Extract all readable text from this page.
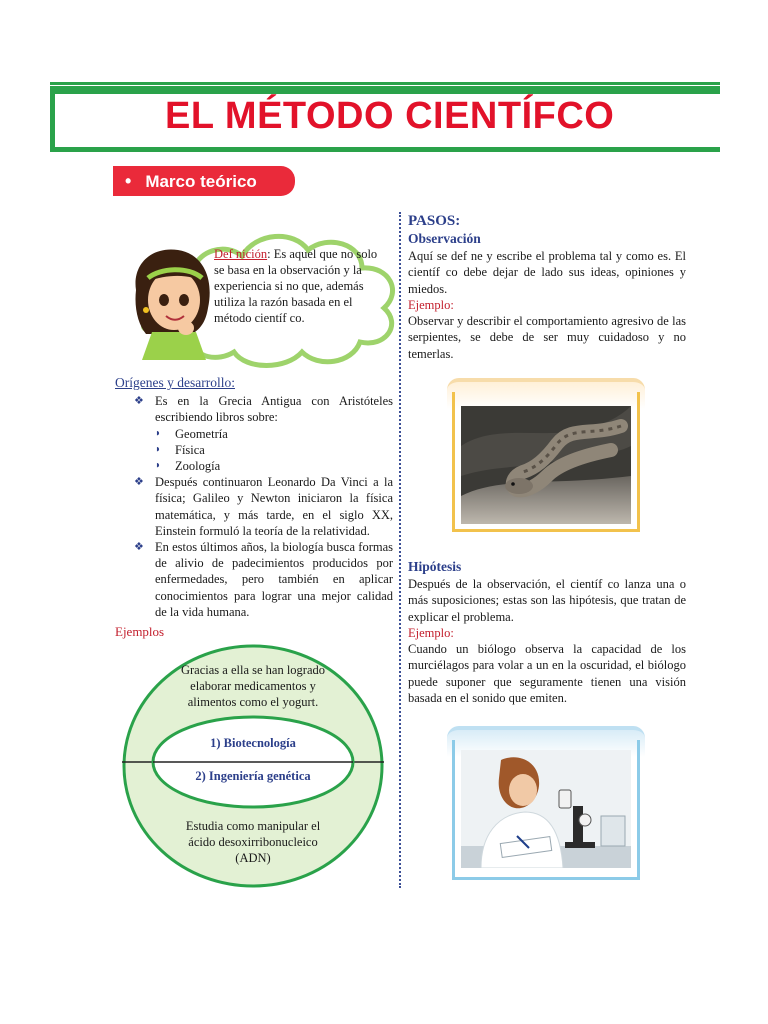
EL MÉTODO CIENTÍFCO
• Marco teórico
Def nición: Es aquel que no solo se basa en la observación y la experiencia si no que, además utiliza la razón basada en el método científ co.
Orígenes y desarrollo:
❖ Es en la Grecia Antigua con Aristóteles escribiendo libros sobre:
◗ Geometría
◗ Física
◗ Zoología
❖ Después continuaron Leonardo Da Vinci a la física; Galileo y Newton iniciaron la física matemática, y más tarde, en el siglo XX, Einstein formuló la teoría de la relatividad.
❖ En estos últimos años, la biología busca formas de alivio de padecimientos producidos por enfermedades, pero también en aplicar conocimientos para lograr una mejor calidad de la vida humana.
Ejemplos
Gracias a ella se han logrado elaborar medicamentos y alimentos como el yogurt.
1) Biotecnología
2) Ingeniería genética
Estudia como manipular el ácido desoxirribonucleico (ADN)
PASOS:
Observación
Aquí se def ne y escribe el problema tal y como es. El científ co debe dejar de lado sus ideas, opiniones y miedos.
Ejemplo:
Observar y describir el comportamiento agresivo de las serpientes, se debe de ser muy cuidadoso y no temerlas.
Hipótesis
Después de la observación, el científ co lanza una o más suposiciones; estas son las hipótesis, que tratan de explicar el problema.
Ejemplo:
Cuando un biólogo observa la capacidad de los murciélagos para volar a un en la oscuridad, el biólogo puede suponer que seguramente tienen una visión basada en el sonido que emiten.
